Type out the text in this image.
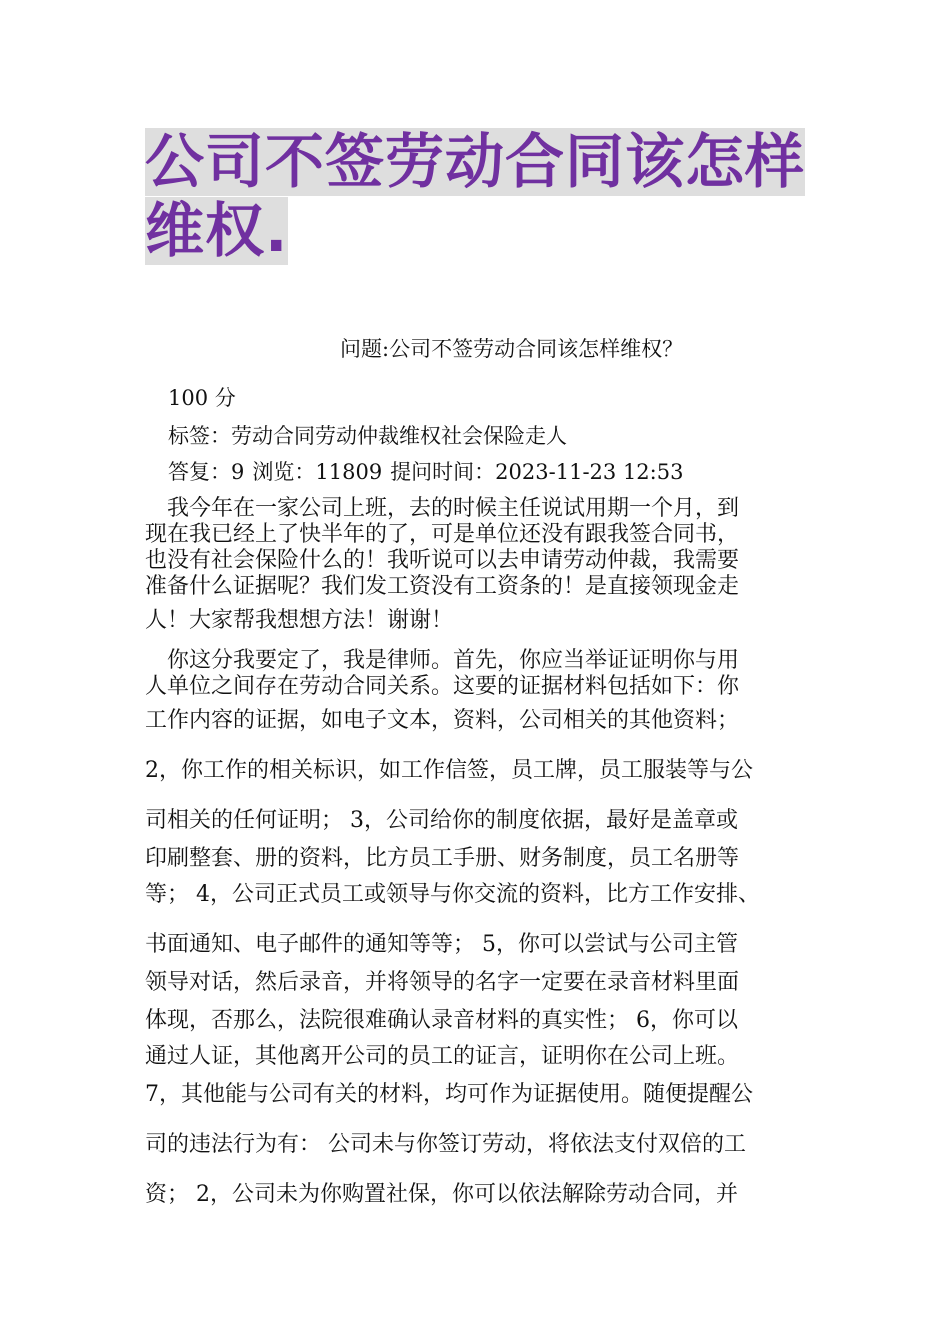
公司不签劳动合同该怎样
维权.
问题:公司不签劳动合同该怎样维权？
100 分
标签：劳动合同劳动仲裁维权社会保险走人
答复：9 浏览：11809 提问时间：2023-11-23 12:53
　我今年在一家公司上班，去的时候主任说试用期一个月，到
现在我已经上了快半年的了，可是单位还没有跟我签合同书，
也没有社会保险什么的！我听说可以去申请劳动仲裁，我需要
准备什么证据呢？我们发工资没有工资条的！是直接领现金走
人！大家帮我想想方法！谢谢！
　你这分我要定了，我是律师。首先，你应当举证证明你与用
人单位之间存在劳动合同关系。这要的证据材料包括如下：你
工作内容的证据，如电子文本，资料，公司相关的其他资料；
2，你工作的相关标识，如工作信签，员工牌，员工服装等与公
司相关的任何证明； 3，公司给你的制度依据，最好是盖章或
印刷整套、册的资料，比方员工手册、财务制度，员工名册等
等； 4，公司正式员工或领导与你交流的资料，比方工作安排、
书面通知、电子邮件的通知等等； 5，你可以尝试与公司主管
领导对话，然后录音，并将领导的名字一定要在录音材料里面
体现，否那么，法院很难确认录音材料的真实性； 6，你可以
通过人证，其他离开公司的员工的证言，证明你在公司上班。
7，其他能与公司有关的材料，均可作为证据使用。随便提醒公
司的违法行为有： 公司未与你签订劳动，将依法支付双倍的工
资； 2，公司未为你购置社保，你可以依法解除劳动合同，并
